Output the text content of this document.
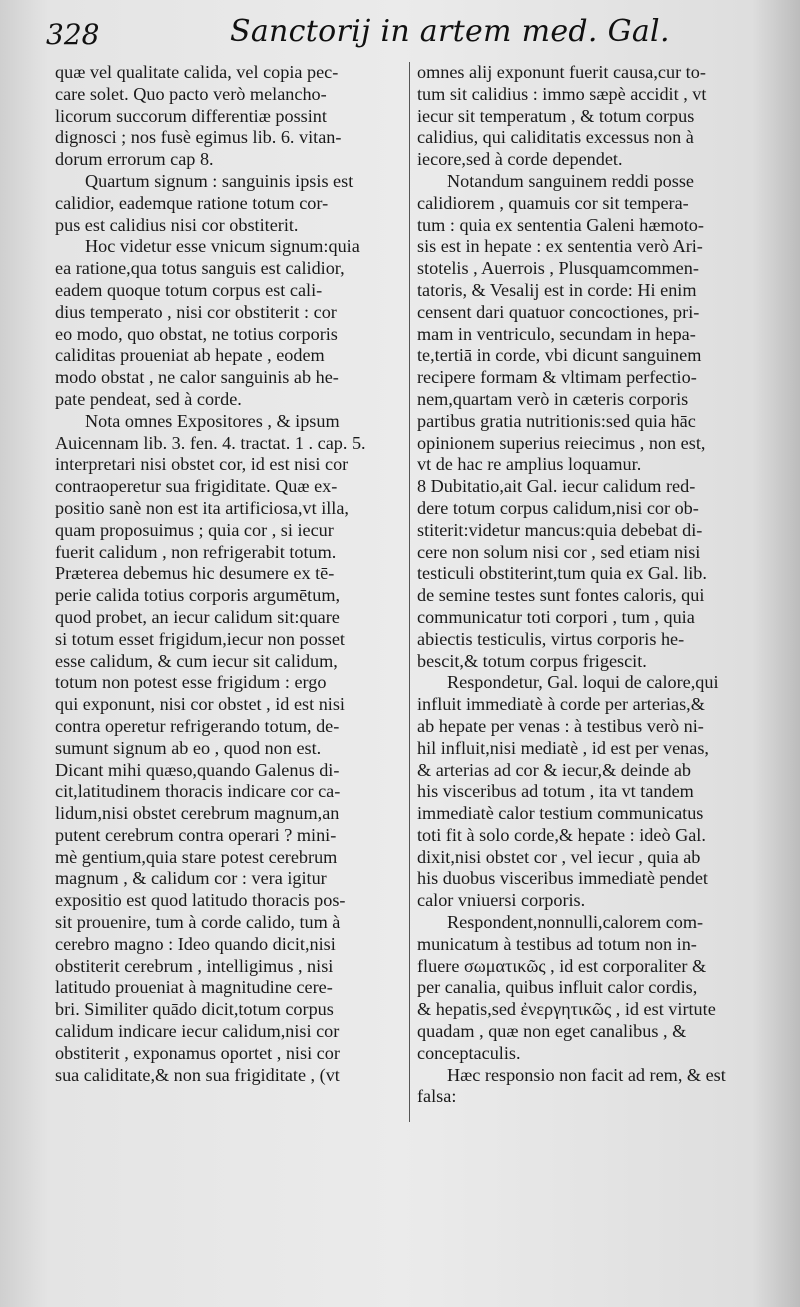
328	Sanctorij in artem med. Gal.
quæ vel qualitate calida, vel copia pec-
care solet. Quo pacto verò melancho-
licorum succorum differentiæ possint
dignosci ; nos fusè egimus lib. 6. vitan-
dorum errorum cap 8.
Quartum signum : sanguinis ipsis est
calidior, eademque ratione totum cor-
pus est calidius nisi cor obstiterit.
Hoc videtur esse vnicum signum:quia
ea ratione,qua totus sanguis est calidior,
eadem quoque totum corpus est cali-
dius temperato , nisi cor obstiterit : cor
eo modo, quo obstat, ne totius corporis
caliditas proueniat ab hepate , eodem
modo obstat , ne calor sanguinis ab he-
pate pendeat, sed à corde.
Nota omnes Expositores , & ipsum
Auicennam lib. 3. fen. 4. tractat. 1 . cap. 5.
interpretari nisi obstet cor, id est nisi cor
contraoperetur sua frigiditate. Quæ ex-
positio sanè non est ita artificiosa,vt illa,
quam proposuimus ; quia cor , si iecur
fuerit calidum , non refrigerabit totum.
Præterea debemus hic desumere ex tē-
perie calida totius corporis argumētum,
quod probet, an iecur calidum sit:quare
si totum esset frigidum,iecur non posset
esse calidum, & cum iecur sit calidum,
totum non potest esse frigidum : ergo
qui exponunt, nisi cor obstet , id est nisi
contra operetur refrigerando totum, de-
sumunt signum ab eo , quod non est.
Dicant mihi quæso,quando Galenus di-
cit,latitudinem thoracis indicare cor ca-
lidum,nisi obstet cerebrum magnum,an
putent cerebrum contra operari ? mini-
mè gentium,quia stare potest cerebrum
magnum , & calidum cor : vera igitur
expositio est quod latitudo thoracis pos-
sit prouenire, tum à corde calido, tum à
cerebro magno : Ideo quando dicit,nisi
obstiterit cerebrum , intelligimus , nisi
latitudo proueniat à magnitudine cere-
bri. Similiter quādo dicit,totum corpus
calidum indicare iecur calidum,nisi cor
obstiterit , exponamus oportet , nisi cor
sua caliditate,& non sua frigiditate , (vt
omnes alij exponunt fuerit causa,cur to-
tum sit calidius : immo sæpè accidit , vt
iecur sit temperatum , & totum corpus
calidius, qui caliditatis excessus non à
iecore,sed à corde dependet.
Notandum sanguinem reddi posse
calidiorem , quamuis cor sit tempera-
tum : quia ex sententia Galeni hæmoto-
sis est in hepate : ex sententia verò Ari-
stotelis , Auerrois , Plusquamcommen-
tatoris, & Vesalij est in corde: Hi enim
censent dari quatuor concoctiones, pri-
mam in ventriculo, secundam in hepa-
te,tertiā in corde, vbi dicunt sanguinem
recipere formam & vltimam perfectio-
nem,quartam verò in cæteris corporis
partibus gratia nutritionis:sed quia hāc
opinionem superius reiecimus , non est,
vt de hac re amplius loquamur.
8 Dubitatio,ait Gal. iecur calidum red-
dere totum corpus calidum,nisi cor ob-
stiterit:videtur mancus:quia debebat di-
cere non solum nisi cor , sed etiam nisi
testiculi obstiterint,tum quia ex Gal. lib.
de semine testes sunt fontes caloris, qui
communicatur toti corpori , tum , quia
abiectis testiculis, virtus corporis he-
bescit,& totum corpus frigescit.
Respondetur, Gal. loqui de calore,qui
influit immediatè à corde per arterias,&
ab hepate per venas : à testibus verò ni-
hil influit,nisi mediatè , id est per venas,
& arterias ad cor & iecur,& deinde ab
his visceribus ad totum , ita vt tandem
immediatè calor testium communicatus
toti fit à solo corde,& hepate : ideò Gal.
dixit,nisi obstet cor , vel iecur , quia ab
his duobus visceribus immediatè pendet
calor vniuersi corporis.
Respondent,nonnulli,calorem com-
municatum à testibus ad totum non in-
fluere σωματικῶς , id est corporaliter &
per canalia, quibus influit calor cordis,
& hepatis,sed ἐνεργητικῶς , id est virtute
quadam , quæ non eget canalibus , &
conceptaculis.
Hæc responsio non facit ad rem, & est
falsa:
